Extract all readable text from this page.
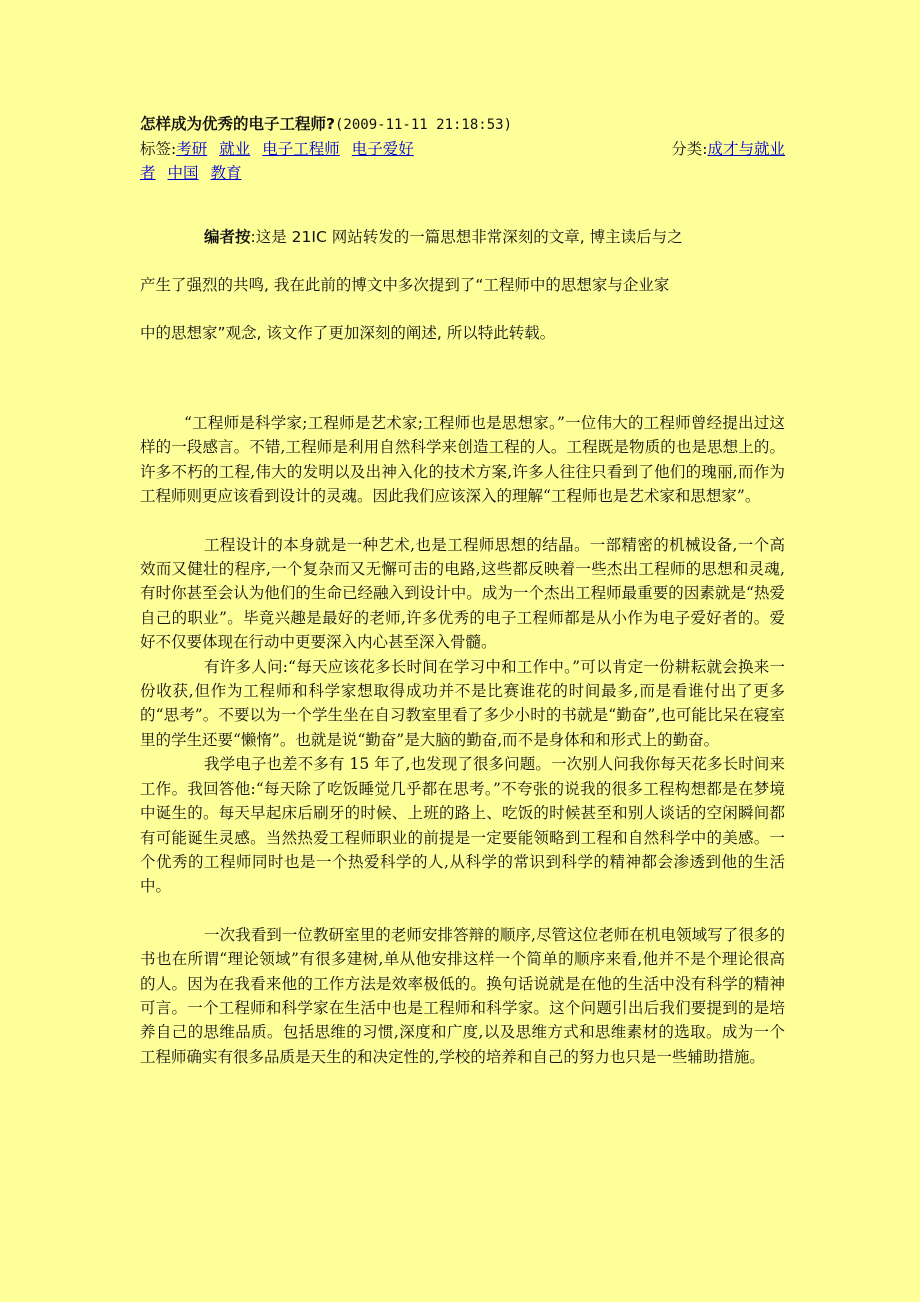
怎样成为优秀的电子工程师?(2009-11-11 21:18:53)
标签:考研 就业 电子工程师 电子爱好	分类:成才与就业
者 中国 教育

编者按:这是 21IC 网站转发的一篇思想非常深刻的文章, 博主读后与之

产生了强烈的共鸣, 我在此前的博文中多次提到了“工程师中的思想家与企业家

中的思想家”观念, 该文作了更加深刻的阐述, 所以特此转载。

“工程师是科学家;工程师是艺术家;工程师也是思想家。”一位伟大的工程师曾经提出过这样的一段感言。不错,工程师是利用自然科学来创造工程的人。工程既是物质的也是思想上的。许多不朽的工程,伟大的发明以及出神入化的技术方案,许多人往往只看到了他们的瑰丽,而作为工程师则更应该看到设计的灵魂。因此我们应该深入的理解“工程师也是艺术家和思想家”。

工程设计的本身就是一种艺术,也是工程师思想的结晶。一部精密的机械设备,一个高效而又健壮的程序,一个复杂而又无懈可击的电路,这些都反映着一些杰出工程师的思想和灵魂,有时你甚至会认为他们的生命已经融入到设计中。成为一个杰出工程师最重要的因素就是“热爱自己的职业”。毕竟兴趣是最好的老师,许多优秀的电子工程师都是从小作为电子爱好者的。爱好不仅要体现在行动中更要深入内心甚至深入骨髓。

有许多人问:“每天应该花多长时间在学习中和工作中。”可以肯定一份耕耘就会换来一份收获,但作为工程师和科学家想取得成功并不是比赛谁花的时间最多,而是看谁付出了更多的“思考”。不要以为一个学生坐在自习教室里看了多少小时的书就是“勤奋”,也可能比呆在寝室里的学生还要“懒惰”。也就是说“勤奋”是大脑的勤奋,而不是身体和和形式上的勤奋。

我学电子也差不多有 15 年了,也发现了很多问题。一次别人问我你每天花多长时间来工作。我回答他:“每天除了吃饭睡觉几乎都在思考。”不夸张的说我的很多工程构想都是在梦境中诞生的。每天早起床后刷牙的时候、上班的路上、吃饭的时候甚至和别人谈话的空闲瞬间都有可能诞生灵感。当然热爱工程师职业的前提是一定要能领略到工程和自然科学中的美感。一个优秀的工程师同时也是一个热爱科学的人,从科学的常识到科学的精神都会渗透到他的生活中。

一次我看到一位教研室里的老师安排答辩的顺序,尽管这位老师在机电领域写了很多的书也在所谓“理论领域”有很多建树,单从他安排这样一个简单的顺序来看,他并不是个理论很高的人。因为在我看来他的工作方法是效率极低的。换句话说就是在他的生活中没有科学的精神可言。一个工程师和科学家在生活中也是工程师和科学家。这个问题引出后我们要提到的是培养自己的思维品质。包括思维的习惯,深度和广度,以及思维方式和思维素材的选取。成为一个工程师确实有很多品质是天生的和决定性的,学校的培养和自己的努力也只是一些辅助措施。
